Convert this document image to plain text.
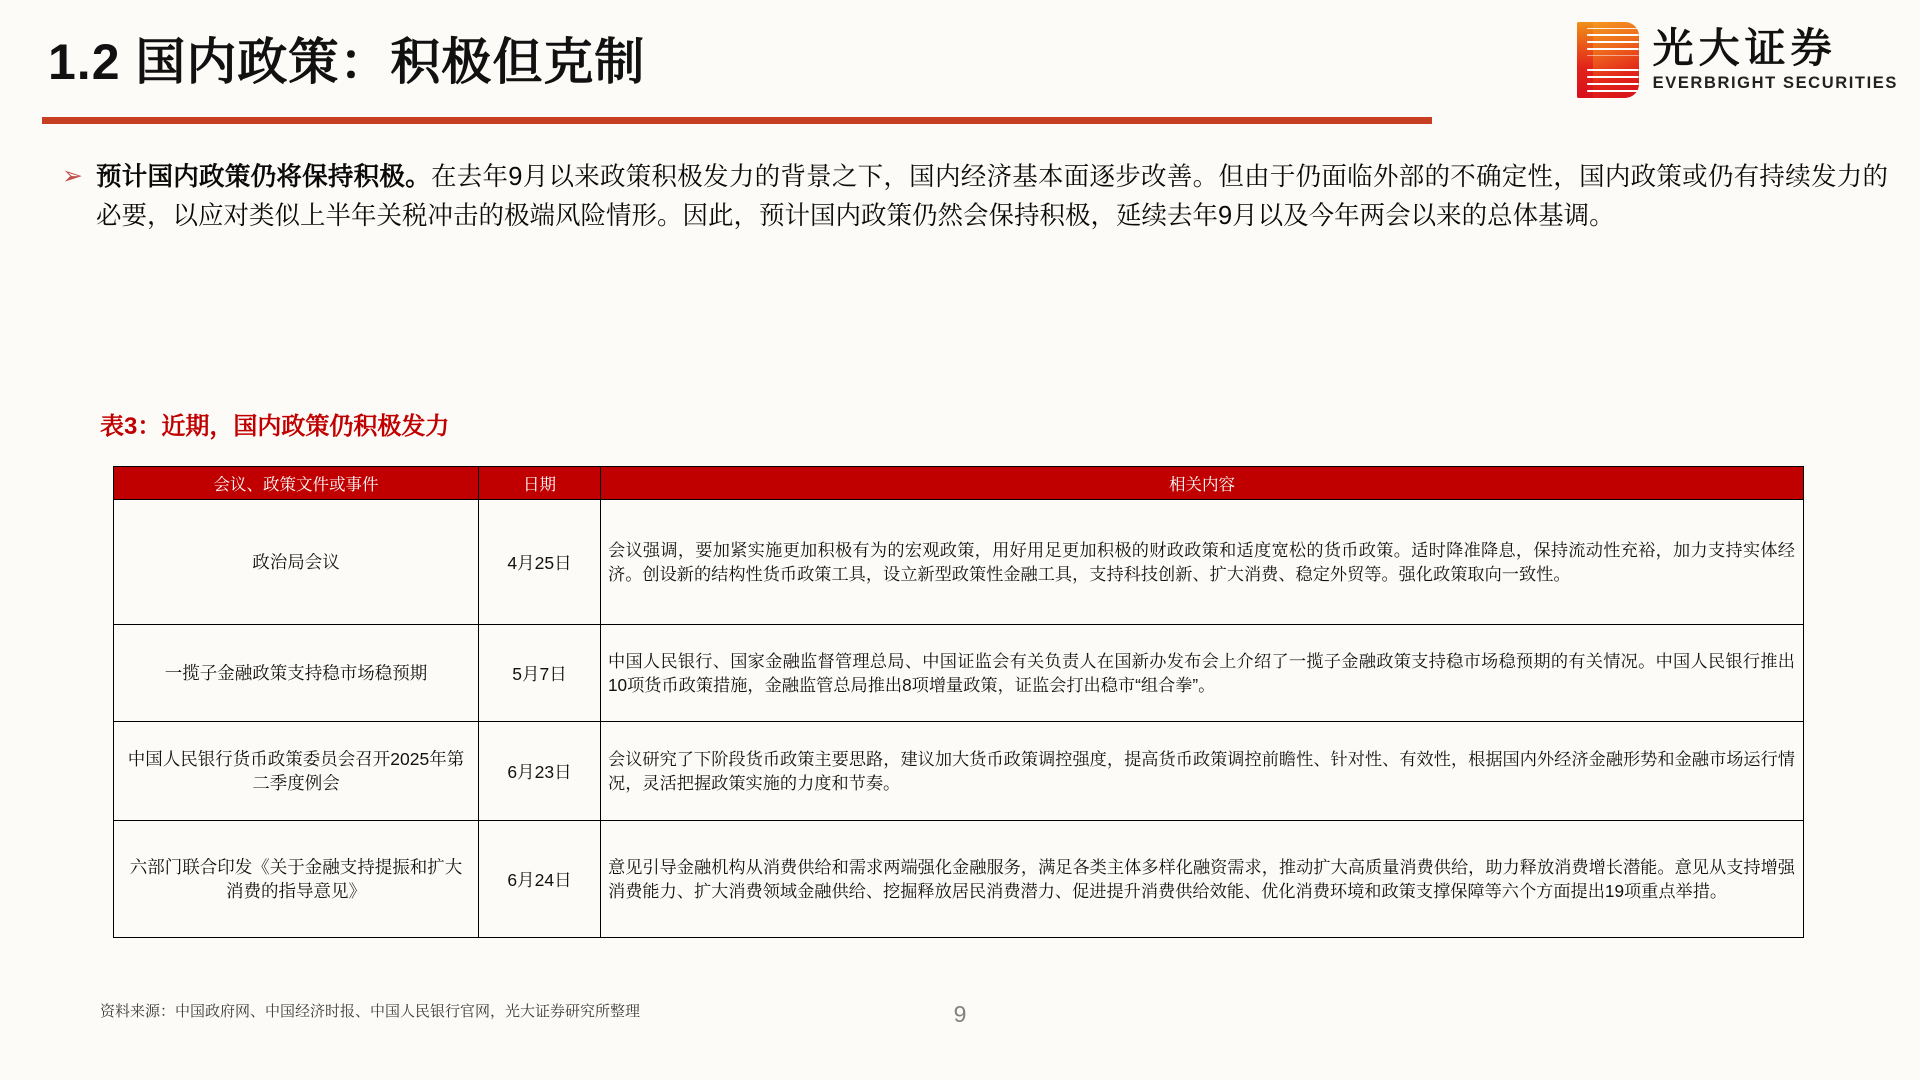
1.2 国内政策：积极但克制	光大证券
EVERBRIGHT SECURITIES
➢ 预计国内政策仍将保持积极。在去年9月以来政策积极发力的背景之下，国内经济基本面逐步改善。但由于仍面临外部的不确定性，国内政策或仍有持续发力的必要，以应对类似上半年关税冲击的极端风险情形。因此，预计国内政策仍然会保持积极，延续去年9月以及今年两会以来的总体基调。
表3：近期，国内政策仍积极发力
会议、政策文件或事件	日期	相关内容
政治局会议	4月25日	会议强调，要加紧实施更加积极有为的宏观政策，用好用足更加积极的财政政策和适度宽松的货币政策。适时降准降息，保持流动性充裕，加力支持实体经济。创设新的结构性货币政策工具，设立新型政策性金融工具，支持科技创新、扩大消费、稳定外贸等。强化政策取向一致性。
一揽子金融政策支持稳市场稳预期	5月7日	中国人民银行、国家金融监督管理总局、中国证监会有关负责人在国新办发布会上介绍了一揽子金融政策支持稳市场稳预期的有关情况。中国人民银行推出10项货币政策措施，金融监管总局推出8项增量政策，证监会打出稳市“组合拳”。
中国人民银行货币政策委员会召开2025年第二季度例会	6月23日	会议研究了下阶段货币政策主要思路，建议加大货币政策调控强度，提高货币政策调控前瞻性、针对性、有效性，根据国内外经济金融形势和金融市场运行情况，灵活把握政策实施的力度和节奏。
六部门联合印发《关于金融支持提振和扩大消费的指导意见》	6月24日	意见引导金融机构从消费供给和需求两端强化金融服务，满足各类主体多样化融资需求，推动扩大高质量消费供给，助力释放消费增长潜能。意见从支持增强消费能力、扩大消费领域金融供给、挖掘释放居民消费潜力、促进提升消费供给效能、优化消费环境和政策支撑保障等六个方面提出19项重点举措。
资料来源：中国政府网、中国经济时报、中国人民银行官网，光大证券研究所整理	9
